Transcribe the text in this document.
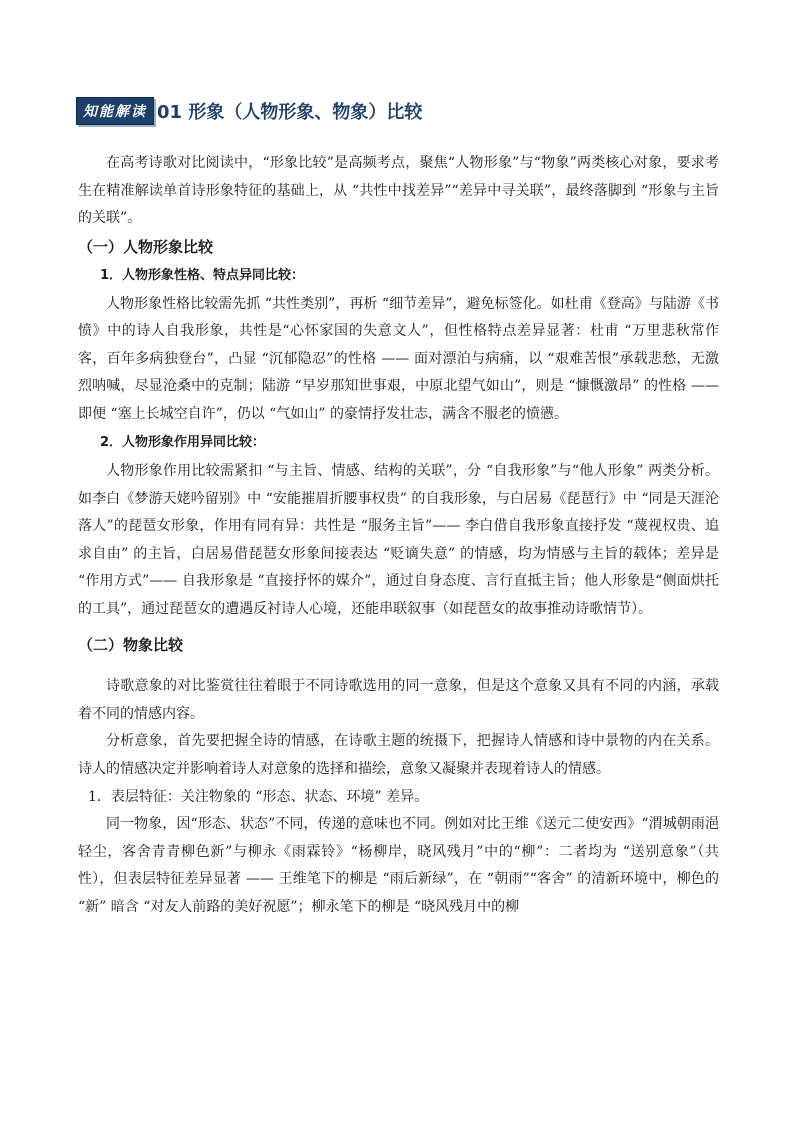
知能解读 01 形象（人物形象、物象）比较

在高考诗歌对比阅读中，“形象比较”是高频考点，聚焦“人物形象”与“物象”两类核心对象，要求考生在精准解读单首诗形象特征的基础上，从 “共性中找差异”“差异中寻关联”，最终落脚到 “形象与主旨的关联”。

（一）人物形象比较
1．人物形象性格、特点异同比较：

人物形象性格比较需先抓 “共性类别”，再析 “细节差异”，避免标签化。如杜甫《登高》与陆游《书愤》中的诗人自我形象，共性是“心怀家国的失意文人”，但性格特点差异显著：杜甫 “万里悲秋常作客，百年多病独登台”，凸显 “沉郁隐忍”的性格 —— 面对漂泊与病痛，以 “艰难苦恨”承载悲愁，无激烈呐喊，尽显沧桑中的克制；陆游 “早岁那知世事艰，中原北望气如山”，则是 “慷慨激昂” 的性格 —— 即便 “塞上长城空自许”，仍以 “气如山” 的豪情抒发壮志，满含不服老的愤懑。

2．人物形象作用异同比较：

人物形象作用比较需紧扣 “与主旨、情感、结构的关联”，分 “自我形象”与“他人形象” 两类分析。如李白《梦游天姥吟留别》中 “安能摧眉折腰事权贵” 的自我形象，与白居易《琵琶行》中 “同是天涯沦落人”的琵琶女形象，作用有同有异：共性是 “服务主旨”—— 李白借自我形象直接抒发 “蔑视权贵、追求自由” 的主旨，白居易借琵琶女形象间接表达 “贬谪失意” 的情感，均为情感与主旨的载体；差异是 “作用方式”—— 自我形象是 “直接抒怀的媒介”，通过自身态度、言行直抵主旨；他人形象是“侧面烘托的工具”，通过琵琶女的遭遇反衬诗人心境，还能串联叙事（如琵琶女的故事推动诗歌情节）。

（二）物象比较

诗歌意象的对比鉴赏往往着眼于不同诗歌选用的同一意象，但是这个意象又具有不同的内涵，承载着不同的情感内容。

分析意象，首先要把握全诗的情感，在诗歌主题的统摄下，把握诗人情感和诗中景物的内在关系。诗人的情感决定并影响着诗人对意象的选择和描绘，意象又凝聚并表现着诗人的情感。

1．表层特征：关注物象的 “形态、状态、环境” 差异。

同一物象，因“形态、状态”不同，传递的意味也不同。例如对比王维《送元二使安西》“渭城朝雨浥轻尘，客舍青青柳色新”与柳永《雨霖铃》“杨柳岸，晓风残月”中的“柳”：二者均为 “送别意象”（共性），但表层特征差异显著 —— 王维笔下的柳是 “雨后新绿”，在 “朝雨”“客舍” 的清新环境中，柳色的 “新” 暗含 “对友人前路的美好祝愿”；柳永笔下的柳是 “晓风残月中的柳
